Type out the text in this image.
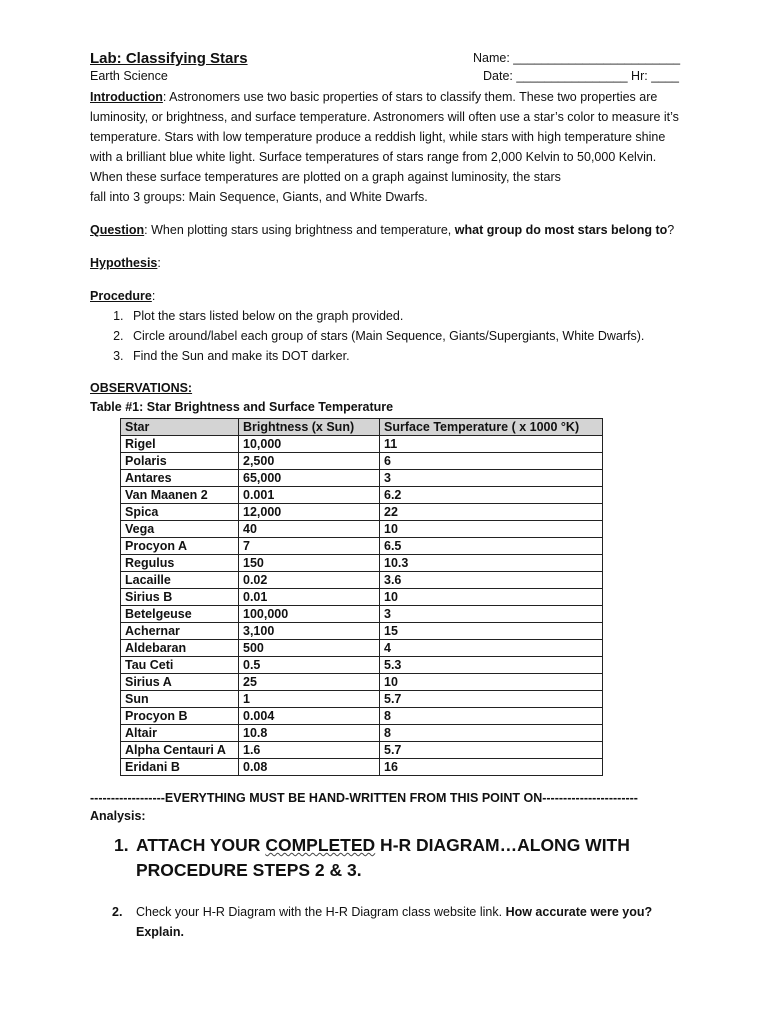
Lab: Classifying Stars	Name: ________________________
Earth Science	Date: ________________ Hr: ____
Introduction: Astronomers use two basic properties of stars to classify them. These two properties are luminosity, or brightness, and surface temperature. Astronomers will often use a star’s color to measure it’s temperature. Stars with low temperature produce a reddish light, while stars with high temperature shine with a brilliant blue white light. Surface temperatures of stars range from 2,000 Kelvin to 50,000 Kelvin. When these surface temperatures are plotted on a graph against luminosity, the stars
fall into 3 groups: Main Sequence, Giants, and White Dwarfs.
Question: When plotting stars using brightness and temperature, what group do most stars belong to?
Hypothesis:
Procedure:
1. Plot the stars listed below on the graph provided.
2. Circle around/label each group of stars (Main Sequence, Giants/Supergiants, White Dwarfs).
3. Find the Sun and make its DOT darker.
OBSERVATIONS:
Table #1: Star Brightness and Surface Temperature
Star	Brightness (x Sun)	Surface Temperature ( x 1000 °K)
Rigel	10,000	11
Polaris	2,500	6
Antares	65,000	3
Van Maanen 2	0.001	6.2
Spica	12,000	22
Vega	40	10
Procyon A	7	6.5
Regulus	150	10.3
Lacaille	0.02	3.6
Sirius B	0.01	10
Betelgeuse	100,000	3
Achernar	3,100	15
Aldebaran	500	4
Tau Ceti	0.5	5.3
Sirius A	25	10
Sun	1	5.7
Procyon B	0.004	8
Altair	10.8	8
Alpha Centauri A	1.6	5.7
Eridani B	0.08	16
------------------EVERYTHING MUST BE HAND-WRITTEN FROM THIS POINT ON-----------------------
Analysis:
1. ATTACH YOUR COMPLETED H-R DIAGRAM…ALONG WITH PROCEDURE STEPS 2 & 3.
2. Check your H-R Diagram with the H-R Diagram class website link. How accurate were you? Explain.
